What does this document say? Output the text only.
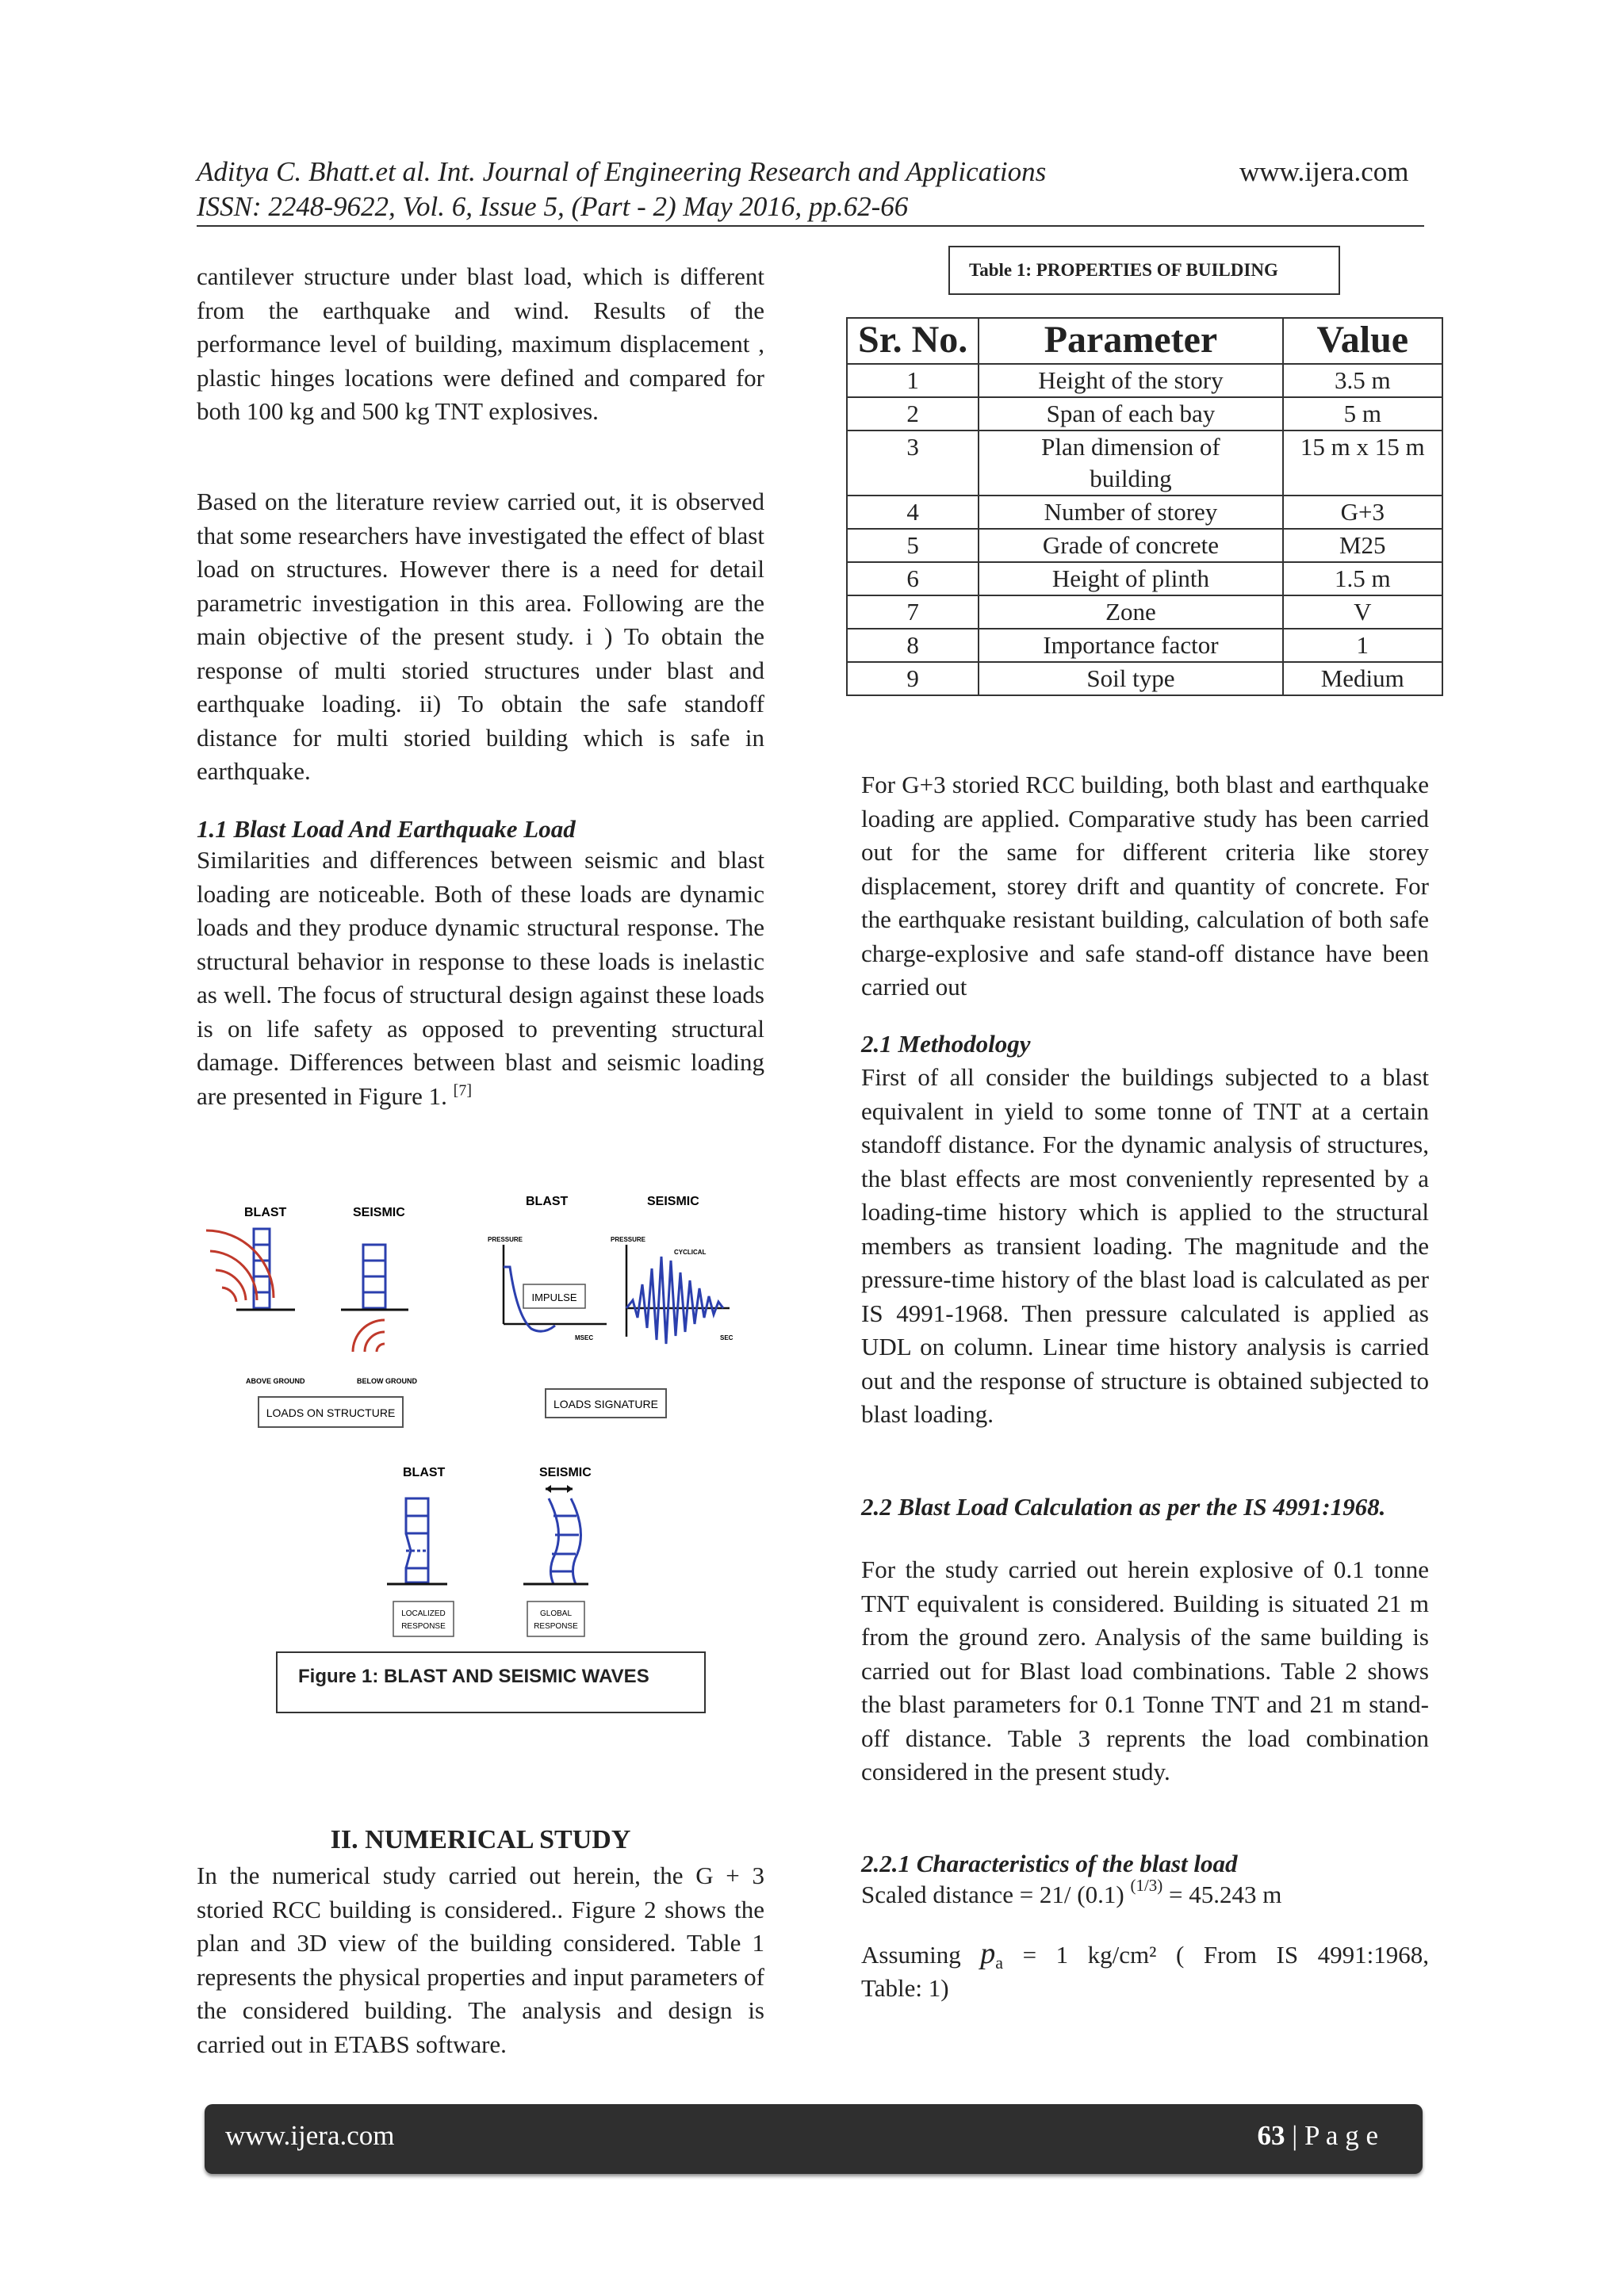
Aditya C. Bhatt.et al. Int. Journal of Engineering Research and Applications
ISSN: 2248-9622, Vol. 6, Issue 5, (Part - 2) May 2016, pp.62-66
www.ijera.com
cantilever structure under blast load, which is different from the earthquake and wind. Results of the performance level of building, maximum displacement , plastic hinges locations were defined and compared for both 100 kg and 500 kg TNT explosives.
Based on the literature review carried out, it is observed that some researchers have investigated the effect of blast load on structures. However there is a need for detail parametric investigation in this area. Following are the main objective of the present study. i ) To obtain the response of multi storied structures under blast and earthquake loading. ii) To obtain the safe standoff distance for multi storied building which is safe in earthquake.
1.1 Blast Load And Earthquake Load
Similarities and differences between seismic and blast loading are noticeable. Both of these loads are dynamic loads and they produce dynamic structural response. The structural behavior in response to these loads is inelastic as well. The focus of structural design against these loads is on life safety as opposed to preventing structural damage. Differences between blast and seismic loading are presented in Figure 1. [7]
BLAST	SEISMIC
ABOVE GROUND	BELOW GROUND
LOADS ON STRUCTURE
BLAST	SEISMIC
PRESSURE
IMPULSE
MSEC
PRESSURE
CYCLICAL
SEC
LOADS SIGNATURE
BLAST	SEISMIC
LOCALIZED
RESPONSE
GLOBAL
RESPONSE
Figure 1: BLAST AND SEISMIC WAVES
II. NUMERICAL STUDY
In the numerical study carried out herein, the G + 3 storied RCC building is considered.. Figure 2 shows the plan and 3D view of the building considered. Table 1 represents the physical properties and input parameters of the considered building. The analysis and design is carried out in ETABS software.
Table 1: PROPERTIES OF BUILDING
Sr. No.	Parameter	Value
1	Height of the story	3.5 m
2	Span of each bay	5 m
3	Plan dimension of building	15 m x 15 m
4	Number of storey	G+3
5	Grade of concrete	M25
6	Height of plinth	1.5 m
7	Zone	V
8	Importance factor	1
9	Soil type	Medium
For G+3 storied RCC building, both blast and earthquake loading are applied. Comparative study has been carried out for the same for different criteria like storey displacement, storey drift and quantity of concrete. For the earthquake resistant building, calculation of both safe charge-explosive and safe stand-off distance have been carried out
2.1 Methodology
First of all consider the buildings subjected to a blast equivalent in yield to some tonne of TNT at a certain standoff distance. For the dynamic analysis of structures, the blast effects are most conveniently represented by a loading-time history which is applied to the structural members as transient loading. The magnitude and the pressure-time history of the blast load is calculated as per IS 4991-1968. Then pressure calculated is applied as UDL on column. Linear time history analysis is carried out and the response of structure is obtained subjected to blast loading.
2.2 Blast Load Calculation as per the IS 4991:1968.
For the study carried out herein explosive of 0.1 tonne TNT equivalent is considered. Building is situated 21 m from the ground zero. Analysis of the same building is carried out for Blast load combinations. Table 2 shows the blast parameters for 0.1 Tonne TNT and 21 m stand-off distance. Table 3 reprents the load combination considered in the present study.
2.2.1 Characteristics of the blast load
Scaled distance = 21/ (0.1) $^{(1/3)}$ = 45.243 m
Assuming $p_a = 1$ kg/cm² ( From IS 4991:1968,
Table: 1)
www.ijera.com	63 | P a g e
